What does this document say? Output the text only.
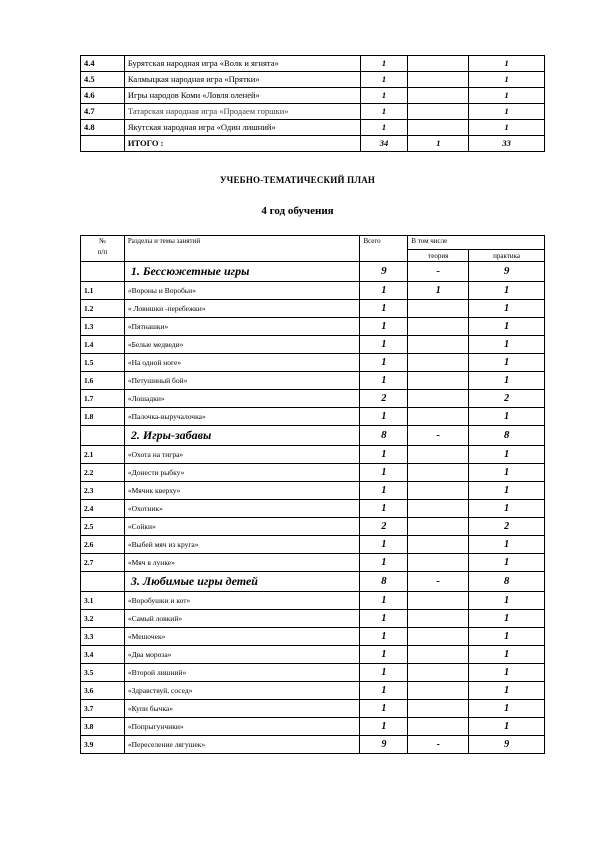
4.4	Бурятская народная игра «Волк и ягнята»	1		1
4.5	Калмыцкая народная игра «Прятки»	1		1
4.6	Игры народов Коми «Ловля оленей»	1		1
4.7	Татарская народная игра «Продаем горшки»	1		1
4.8	Якутская народная игра «Один лишний»	1		1
	ИТОГО :	34	1	33
УЧЕБНО-ТЕМАТИЧЕСКИЙ ПЛАН
4 год обучения
№
п/п	Разделы и темы занятий	Всего	В том числе	
			теория	практика
	1. Бессюжетные игры	9	-	9
1.1	«Вороны и Воробьи»	1	1	1
1.2	« Ловишки -перебежки»	1		1
1.3	«Пятнашки»	1		1
1.4	«Белые медведи»	1		1
1.5	«На одной ноге»	1		1
1.6	«Петушиный бой»	1		1
1.7	«Лошадки»	2		2
1.8	«Палочка-выручалочка»	1		1
	2. Игры-забавы	8	-	8
2.1	«Охота на тигра»	1		1
2.2	«Донести рыбку»	1		1
2.3	«Мячик кверху»	1		1
2.4	«Охотник»	1		1
2.5	«Сойки»	2		2
2.6	«Выбей мяч из круга»	1		1
2.7	«Мяч в лунке»	1		1
	3. Любимые игры детей	8	-	8
3.1	«Воробушки и кот»	1		1
3.2	«Самый ловкий»	1		1
3.3	«Мешочек»	1		1
3.4	«Два мороза»	1		1
3.5	«Второй лишний»	1		1
3.6	«Здравствуй, сосед»	1		1
3.7	«Купи бычка»	1		1
3.8	«Попрыгунчики»	1		1
3.9	«Переселение лягушек»	9	-	9
